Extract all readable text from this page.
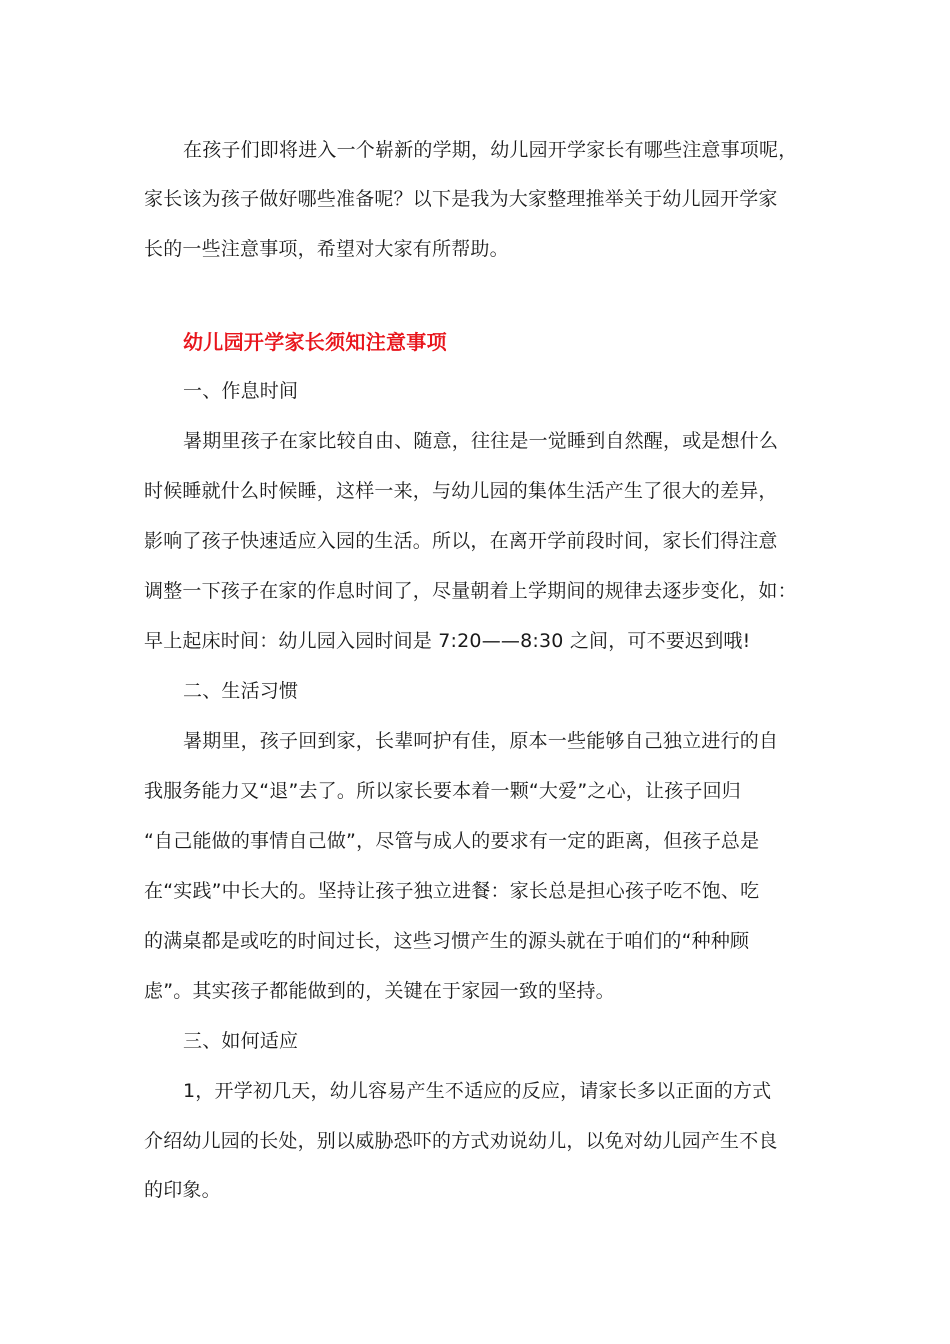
在孩子们即将进入一个崭新的学期，幼儿园开学家长有哪些注意事项呢，
家长该为孩子做好哪些准备呢？以下是我为大家整理推举关于幼儿园开学家
长的一些注意事项，希望对大家有所帮助。
幼儿园开学家长须知注意事项
一、作息时间
暑期里孩子在家比较自由、随意，往往是一觉睡到自然醒，或是想什么
时候睡就什么时候睡，这样一来，与幼儿园的集体生活产生了很大的差异，
影响了孩子快速适应入园的生活。所以，在离开学前段时间，家长们得注意
调整一下孩子在家的作息时间了，尽量朝着上学期间的规律去逐步变化，如：
早上起床时间：幼儿园入园时间是 7:20——8:30 之间，可不要迟到哦!
二、生活习惯
暑期里，孩子回到家，长辈呵护有佳，原本一些能够自己独立进行的自
我服务能力又“退”去了。所以家长要本着一颗“大爱”之心，让孩子回归
“自己能做的事情自己做”，尽管与成人的要求有一定的距离，但孩子总是
在“实践”中长大的。坚持让孩子独立进餐：家长总是担心孩子吃不饱、吃
的满桌都是或吃的时间过长，这些习惯产生的源头就在于咱们的“种种顾
虑”。其实孩子都能做到的，关键在于家园一致的坚持。
三、如何适应
1，开学初几天，幼儿容易产生不适应的反应，请家长多以正面的方式
介绍幼儿园的长处，别以威胁恐吓的方式劝说幼儿，以免对幼儿园产生不良
的印象。
